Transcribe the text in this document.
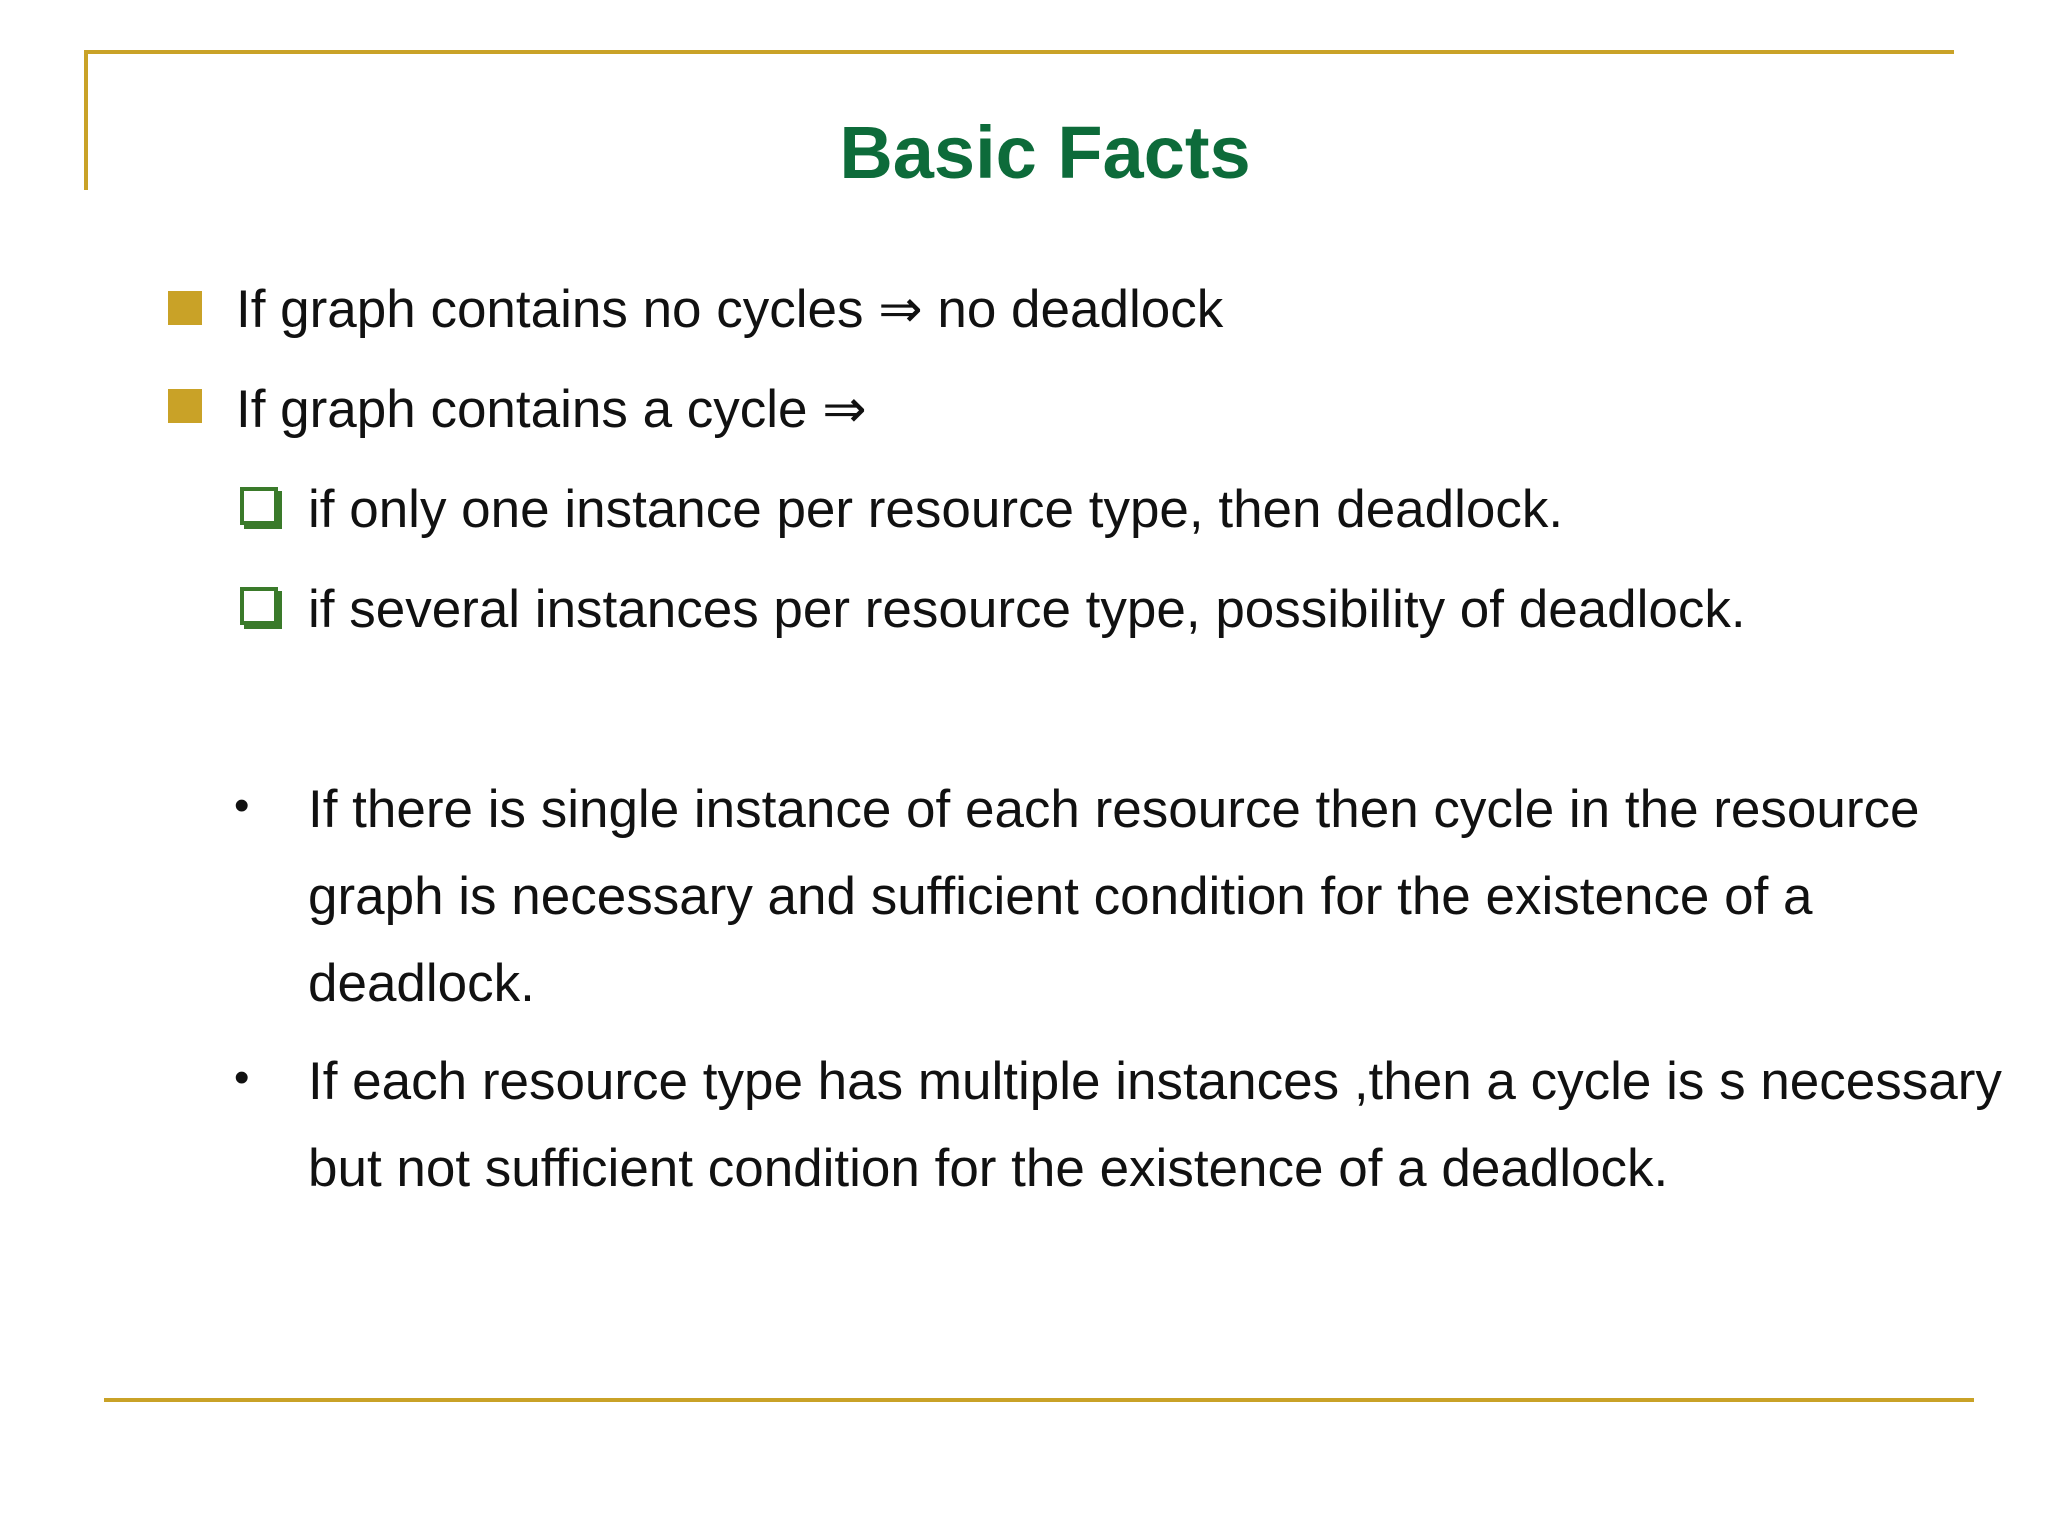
Basic Facts
If graph contains no cycles ⇒ no deadlock
If graph contains a cycle ⇒
if only one instance per resource type, then deadlock.
if several instances per resource type, possibility of deadlock.
• If there is single instance of each resource then cycle in the resource graph is necessary and sufficient condition for the existence of a deadlock.
• If each resource type has multiple instances ,then a cycle is s necessary but not sufficient condition for the existence of a deadlock.
